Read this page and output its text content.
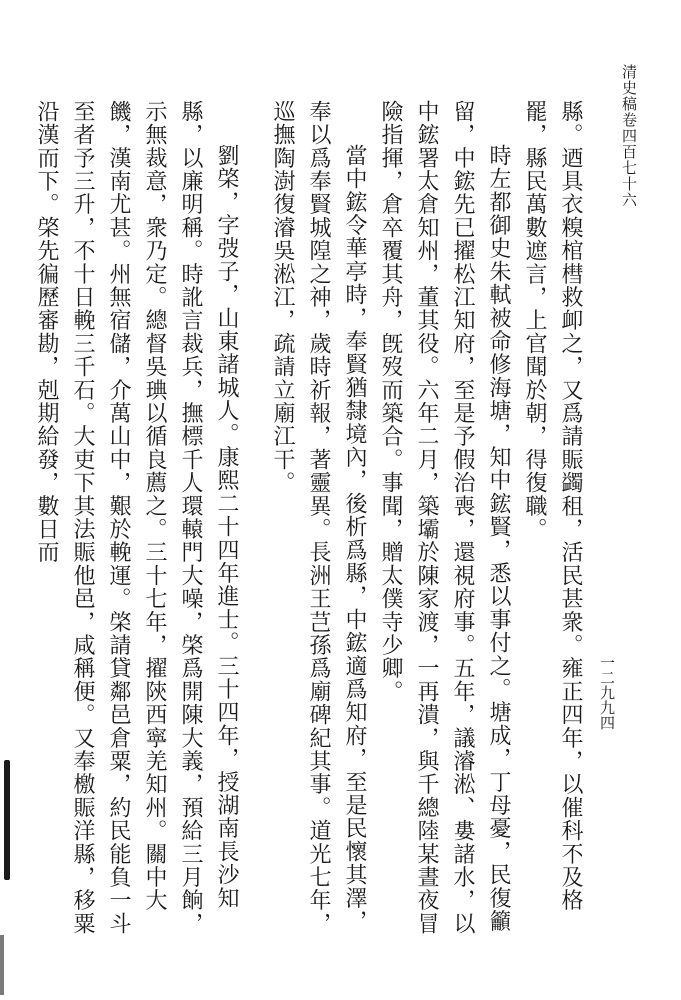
清史稿卷四百七十六
一二九九四

縣。迺具衣糗棺槥救卹之，又爲請賑蠲租，活民甚衆。雍正四年，以催科不及格罷，縣民萬數遮言，上官聞於朝，得復職。

時左都御史朱軾被命修海塘，知中鋐賢，悉以事付之。塘成，丁母憂，民復籲留，中鋐先已擢松江知府，至是予假治喪，還視府事。五年，議濬淞、婁諸水，以中鋐署太倉知州，董其役。六年二月，築壩於陳家渡，一再潰，與千總陸某晝夜冒險指揮，倉卒覆其舟，旣歿而築合。事聞，贈太僕寺少卿。

當中鋐令華亭時，奉賢猶隸境內，後析爲縣，中鋐適爲知府，至是民懷其澤，奉以爲奉賢城隍之神，歲時祈報，著靈異。長洲王芑孫爲廟碑紀其事。道光七年，巡撫陶澍復濬吳淞江，疏請立廟江干。

劉棨，字弢子，山東諸城人。康熙二十四年進士。三十四年，授湖南長沙知縣，以廉明稱。時訛言裁兵，撫標千人環轅門大噪，棨爲開陳大義，預給三月餉，示無裁意，衆乃定。總督吳琠以循良薦之。三十七年，擢陝西寧羌知州。關中大饑，漢南尤甚。州無宿儲，介萬山中，艱於輓運。棨請貸鄰邑倉粟，約民能負一斗至者予三升，不十日輓三千石。大吏下其法賑他邑，咸稱便。又奉檄賑洋縣，移粟沿漢而下。棨先徧歷審勘，剋期給發，數日而
